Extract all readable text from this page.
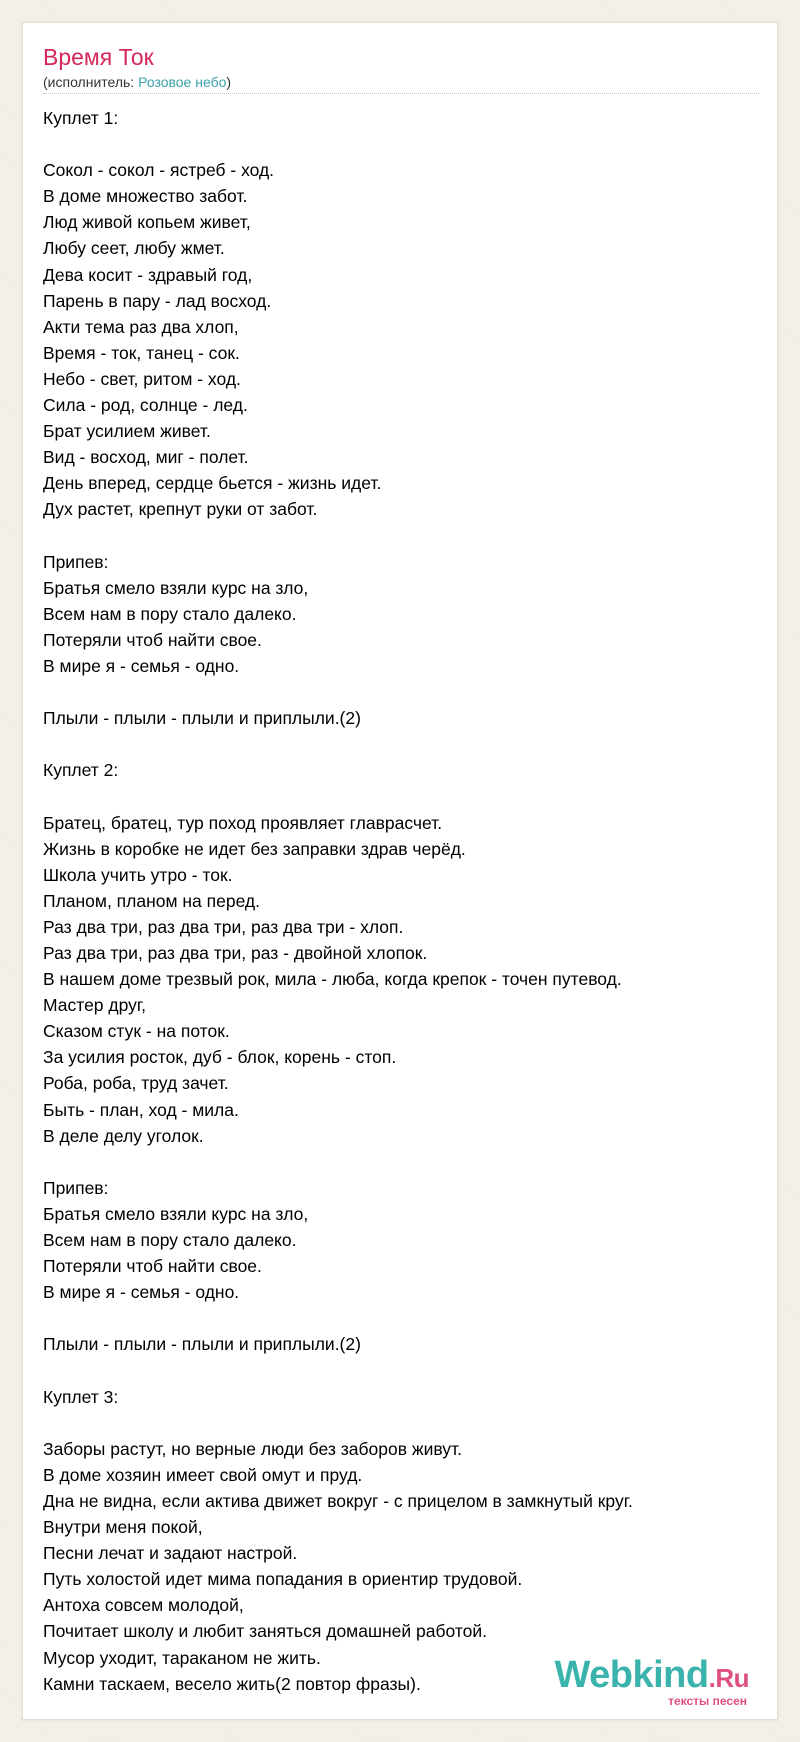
Время Ток
(исполнитель: Розовое небо)
Куплет 1:

Сокол - сокол - ястреб - ход.
В доме множество забот.
Люд живой копьем живет,
Любу сеет, любу жмет.
Дева косит - здравый год,
Парень в пару - лад восход.
Акти тема раз два хлоп,
Время - ток, танец - сок.
Небо - свет, ритом - ход.
Сила - род, солнце - лед.
Брат усилием живет.
Вид - восход, миг - полет.
День вперед, сердце бьется - жизнь идет.
Дух растет, крепнут руки от забот.

Припев:
Братья смело взяли курс на зло,
Всем нам в пору стало далеко.
Потеряли чтоб найти свое.
В мире я - семья - одно.

Плыли - плыли - плыли и приплыли.(2)

Куплет 2:

Братец, братец, тур поход проявляет главрасчет.
Жизнь в коробке не идет без заправки здрав черёд.
Школа учить утро - ток.
Планом, планом на перед.
Раз два три, раз два три, раз два три - хлоп.
Раз два три, раз два три, раз - двойной хлопок.
В нашем доме трезвый рок, мила - люба, когда крепок - точен путевод.
Мастер друг,
Сказом стук - на поток.
За усилия росток, дуб - блок, корень - стоп.
Роба, роба, труд зачет.
Быть - план, ход - мила.
В деле делу уголок.

Припев:
Братья смело взяли курс на зло,
Всем нам в пору стало далеко.
Потеряли чтоб найти свое.
В мире я - семья - одно.

Плыли - плыли - плыли и приплыли.(2)

Куплет 3:

Заборы растут, но верные люди без заборов живут.
В доме хозяин имеет свой омут и пруд.
Дна не видна, если актива движет вокруг - с прицелом в замкнутый круг.
Внутри меня покой,
Песни лечат и задают настрой.
Путь холостой идет мима попадания в ориентир трудовой.
Антоха совсем молодой,
Почитает школу и любит заняться домашней работой.
Мусор уходит, тараканом не жить.
Камни таскаем, весело жить(2 повтор фразы).	Webkind.Ru
тексты песен
